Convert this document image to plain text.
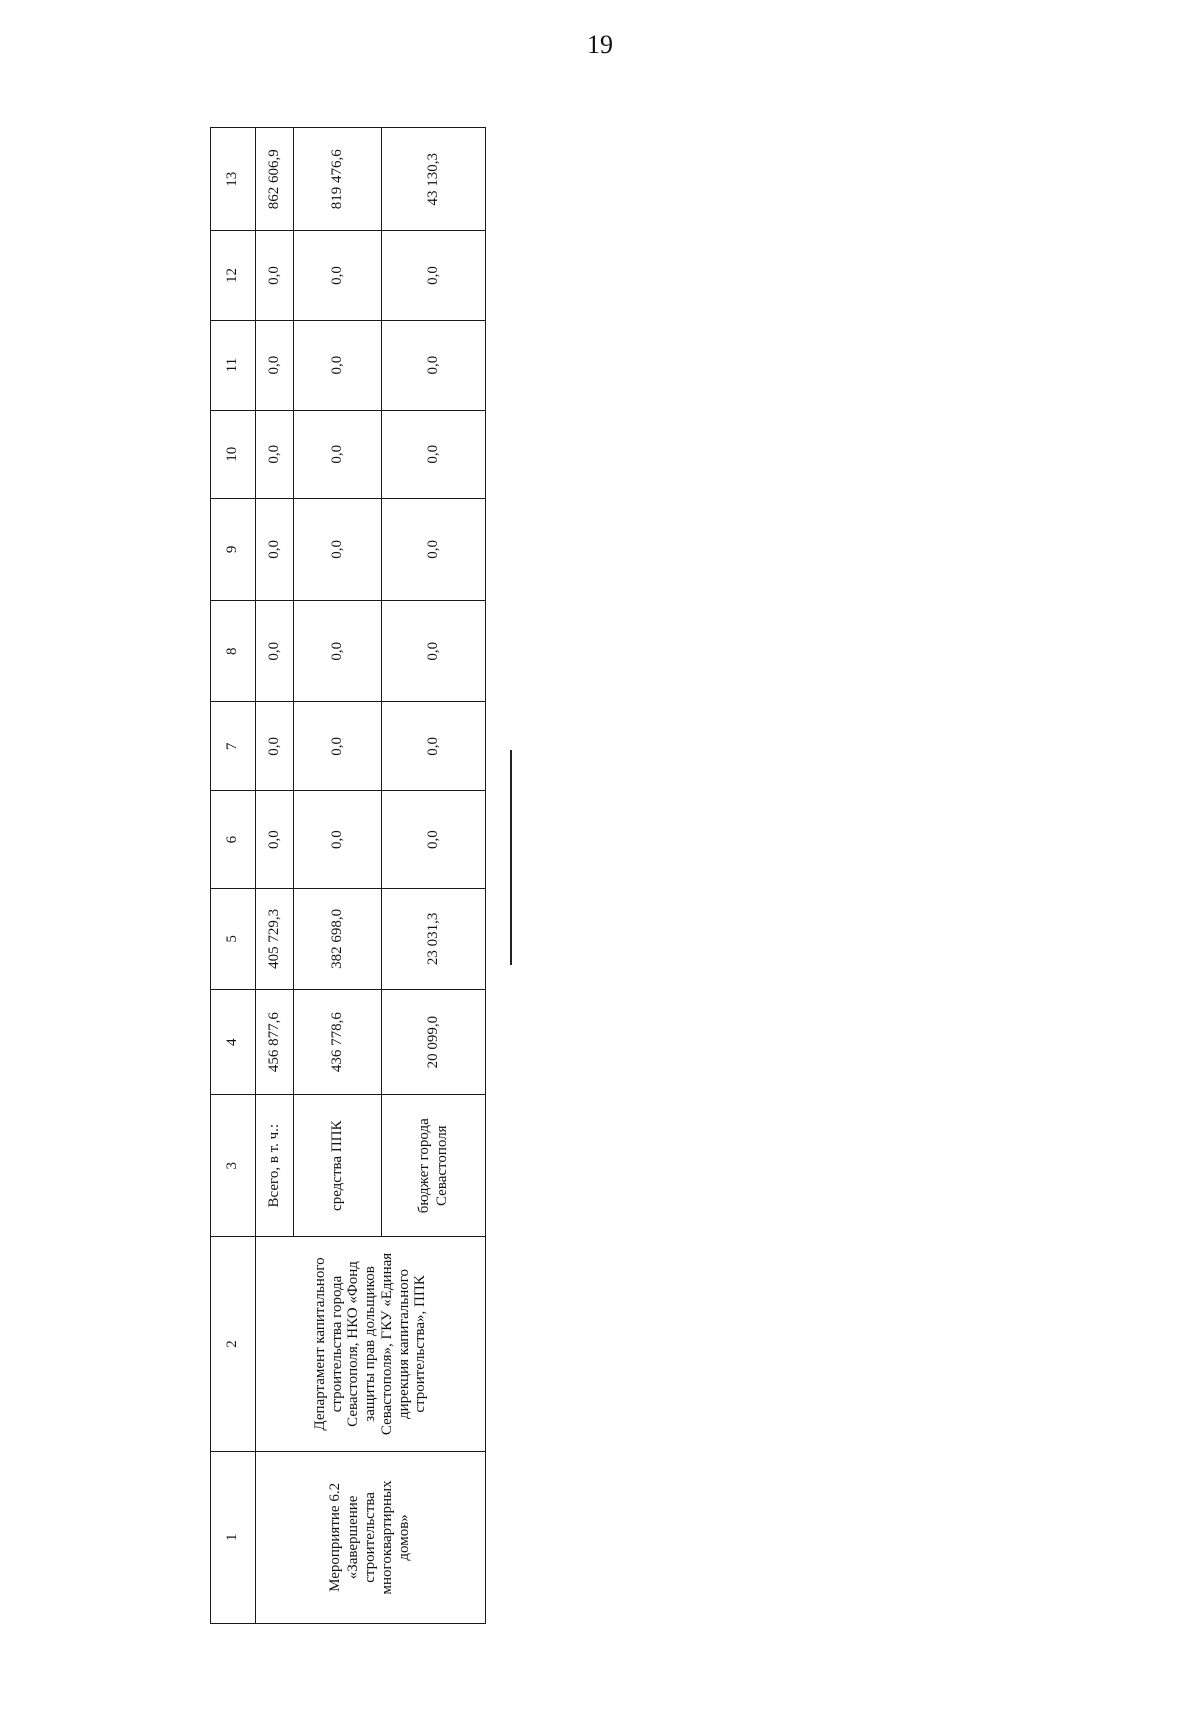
19
1	2	3	4	5	6	7	8	9	10	11	12	13
Мероприятие 6.2 «Завершение строительства многоквартирных домов»	Департамент капитального строительства города Севастополя, НКО «Фонд защиты прав дольщиков Севастополя», ГКУ «Единая дирекция капитального строительства», ППК	Всего, в т. ч.:	456 877,6	405 729,3	0,0	0,0	0,0	0,0	0,0	0,0	0,0	862 606,9
		средства ППК	436 778,6	382 698,0	0,0	0,0	0,0	0,0	0,0	0,0	0,0	819 476,6
		бюджет города Севастополя	20 099,0	23 031,3	0,0	0,0	0,0	0,0	0,0	0,0	0,0	43 130,3
